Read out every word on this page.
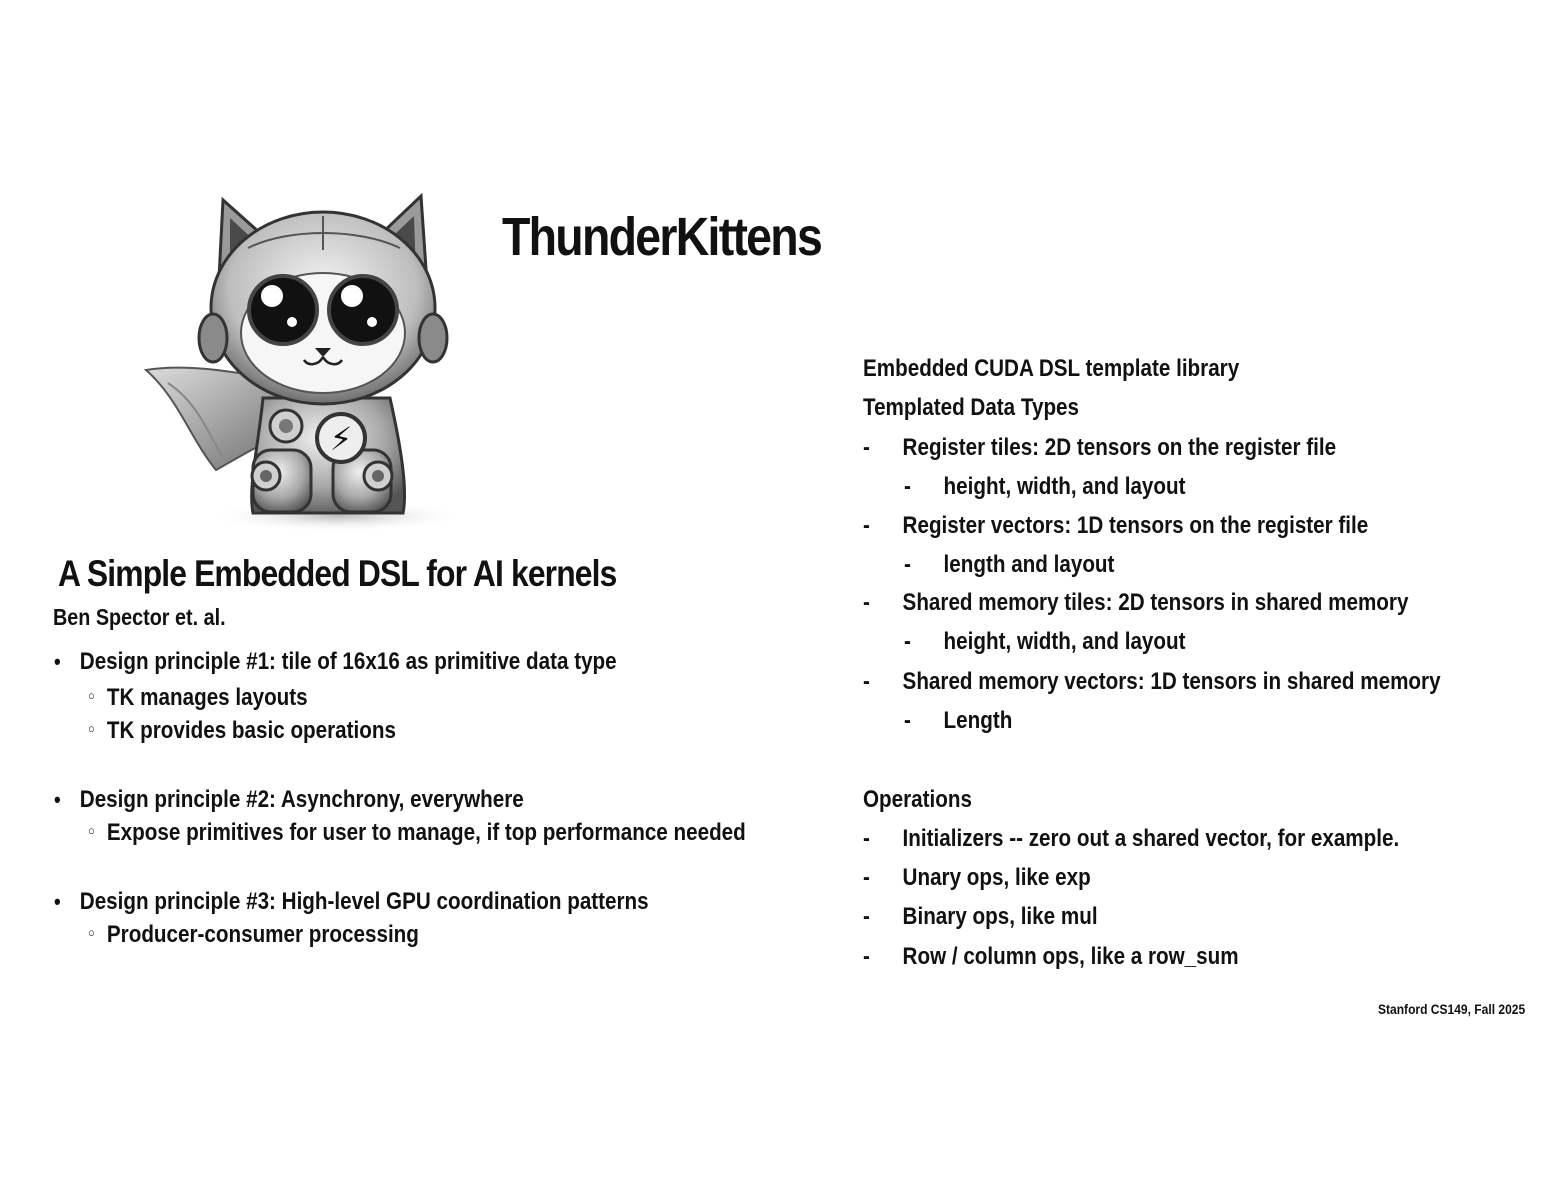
⚡
ThunderKittens
A Simple Embedded DSL for AI kernels
Ben Spector et. al.
• Design principle #1: tile of 16x16 as primitive data type
○ TK manages layouts
○ TK provides basic operations
• Design principle #2: Asynchrony, everywhere
○ Expose primitives for user to manage, if top performance needed
• Design principle #3: High-level GPU coordination patterns
○ Producer-consumer processing
Embedded CUDA DSL template library
Templated Data Types
- Register tiles: 2D tensors on the register file
- height, width, and layout
- Register vectors: 1D tensors on the register file
- length and layout
- Shared memory tiles: 2D tensors in shared memory
- height, width, and layout
- Shared memory vectors: 1D tensors in shared memory
- Length
Operations
- Initializers -- zero out a shared vector, for example.
- Unary ops, like exp
- Binary ops, like mul
- Row / column ops, like a row_sum
Stanford CS149, Fall 2025
